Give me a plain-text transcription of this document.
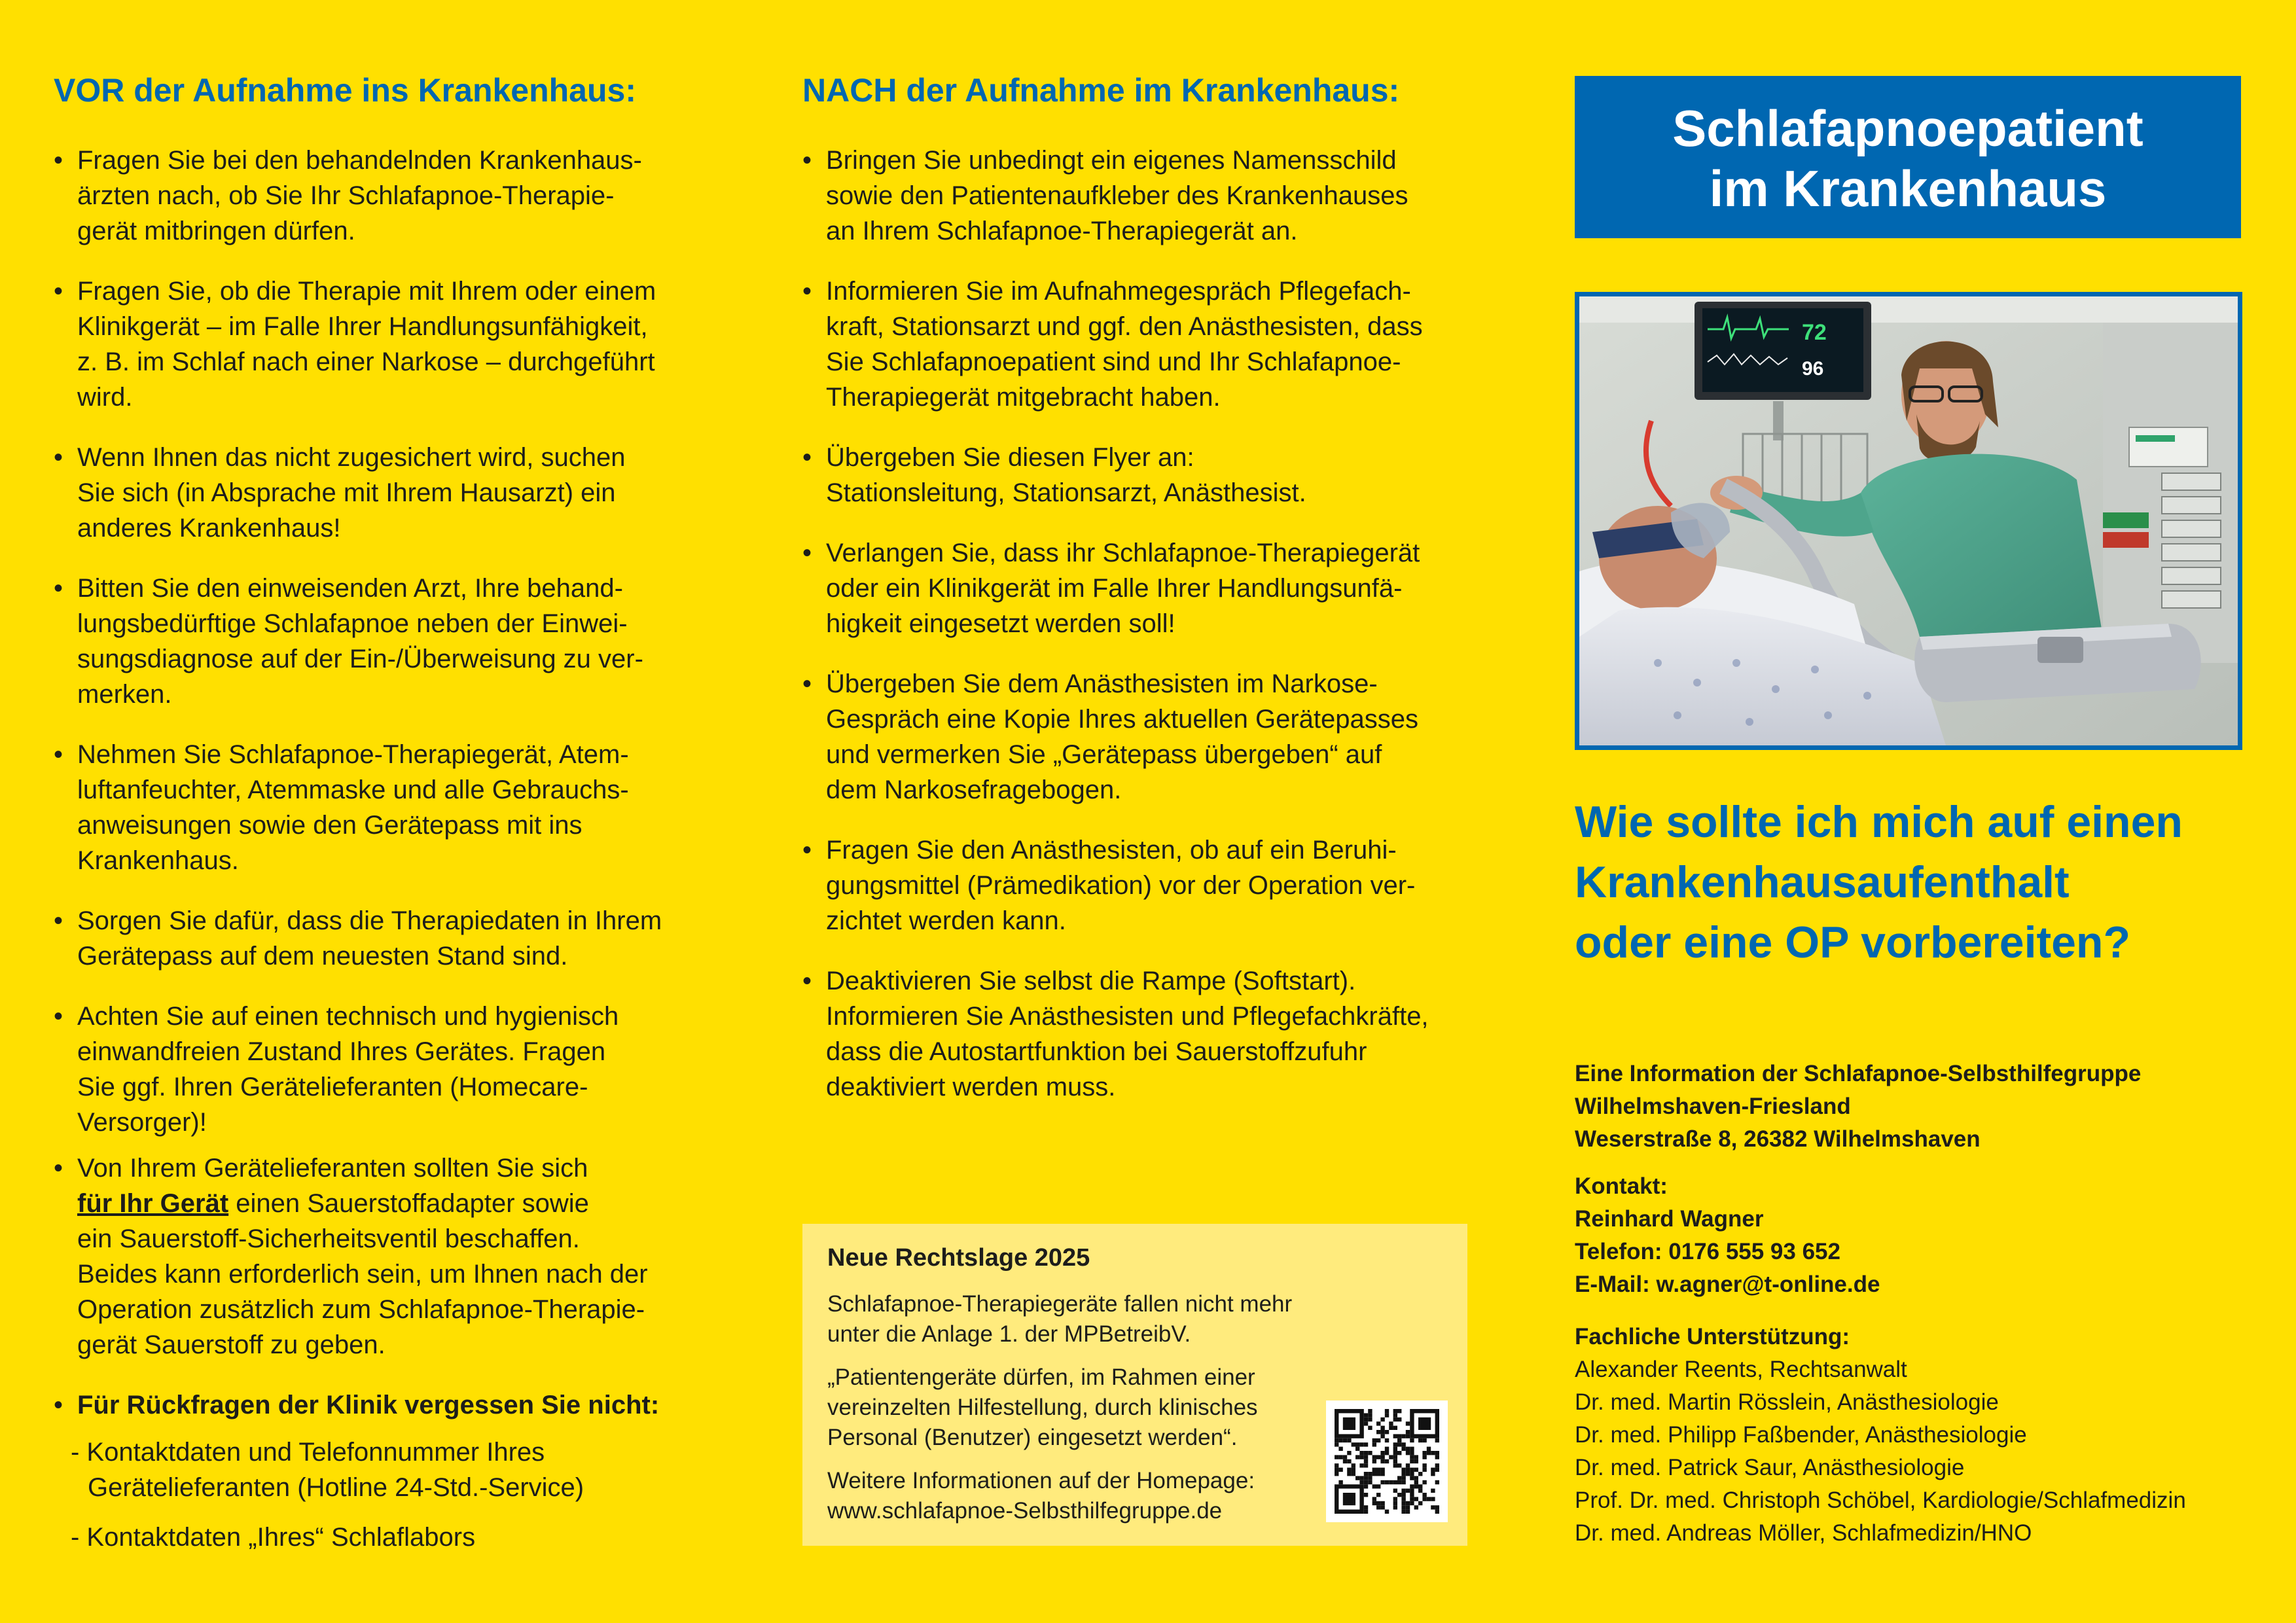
VOR der Aufnahme ins Krankenhaus:
• Fragen Sie bei den behandelnden Krankenhaus-
ärzten nach, ob Sie Ihr Schlafapnoe-Therapie-
gerät mitbringen dürfen.
• Fragen Sie, ob die Therapie mit Ihrem oder einem
Klinikgerät – im Falle Ihrer Handlungsunfähigkeit,
z. B. im Schlaf nach einer Narkose – durchgeführt
wird.
• Wenn Ihnen das nicht zugesichert wird, suchen
Sie sich (in Absprache mit Ihrem Hausarzt) ein
anderes Krankenhaus!
• Bitten Sie den einweisenden Arzt, Ihre behand-
lungsbedürftige Schlafapnoe neben der Einwei-
sungsdiagnose auf der Ein-/Überweisung zu ver-
merken.
• Nehmen Sie Schlafapnoe-Therapiegerät, Atem-
luftanfeuchter, Atemmaske und alle Gebrauchs-
anweisungen sowie den Gerätepass mit ins
Krankenhaus.
• Sorgen Sie dafür, dass die Therapiedaten in Ihrem
Gerätepass auf dem neuesten Stand sind.
• Achten Sie auf einen technisch und hygienisch
einwandfreien Zustand Ihres Gerätes. Fragen
Sie ggf. Ihren Gerätelieferanten (Homecare-
Versorger)!
• Von Ihrem Gerätelieferanten sollten Sie sich
für Ihr Gerät einen Sauerstoffadapter sowie
ein Sauerstoff-Sicherheitsventil beschaffen.
Beides kann erforderlich sein, um Ihnen nach der
Operation zusätzlich zum Schlafapnoe-Therapie-
gerät Sauerstoff zu geben.
• Für Rückfragen der Klinik vergessen Sie nicht:
- Kontaktdaten und Telefonnummer Ihres
Gerätelieferanten (Hotline 24-Std.-Service)
- Kontaktdaten „Ihres“ Schlaflabors
NACH der Aufnahme im Krankenhaus:
• Bringen Sie unbedingt ein eigenes Namensschild
sowie den Patientenaufkleber des Krankenhauses
an Ihrem Schlafapnoe-Therapiegerät an.
• Informieren Sie im Aufnahmegespräch Pflegefach-
kraft, Stationsarzt und ggf. den Anästhesisten, dass
Sie Schlafapnoepatient sind und Ihr Schlafapnoe-
Therapiegerät mitgebracht haben.
• Übergeben Sie diesen Flyer an:
Stationsleitung, Stationsarzt, Anästhesist.
• Verlangen Sie, dass ihr Schlafapnoe-Therapiegerät
oder ein Klinikgerät im Falle Ihrer Handlungsunfä-
higkeit eingesetzt werden soll!
• Übergeben Sie dem Anästhesisten im Narkose-
Gespräch eine Kopie Ihres aktuellen Gerätepasses
und vermerken Sie „Gerätepass übergeben“ auf
dem Narkosefragebogen.
• Fragen Sie den Anästhesisten, ob auf ein Beruhi-
gungsmittel (Prämedikation) vor der Operation ver-
zichtet werden kann.
• Deaktivieren Sie selbst die Rampe (Softstart).
Informieren Sie Anästhesisten und Pflegefachkräfte,
dass die Autostartfunktion bei Sauerstoffzufuhr
deaktiviert werden muss.
Neue Rechtslage 2025
Schlafapnoe-Therapiegeräte fallen nicht mehr
unter die Anlage 1. der MPBetreibV.
„Patientengeräte dürfen, im Rahmen einer
vereinzelten Hilfestellung, durch klinisches
Personal (Benutzer) eingesetzt werden“.
Weitere Informationen auf der Homepage:
www.schlafapnoe-Selbsthilfegruppe.de
Schlafapnoepatient
im Krankenhaus
72
96
Wie sollte ich mich auf einen
Krankenhausaufenthalt
oder eine OP vorbereiten?
Eine Information der Schlafapnoe-Selbsthilfegruppe
Wilhelmshaven-Friesland
Weserstraße 8, 26382 Wilhelmshaven
Kontakt:
Reinhard Wagner
Telefon: 0176 555 93 652
E-Mail: w.agner@t-online.de
Fachliche Unterstützung:
Alexander Reents, Rechtsanwalt
Dr. med. Martin Rösslein, Anästhesiologie
Dr. med. Philipp Faßbender, Anästhesiologie
Dr. med. Patrick Saur, Anästhesiologie
Prof. Dr. med. Christoph Schöbel, Kardiologie/Schlafmedizin
Dr. med. Andreas Möller, Schlafmedizin/HNO
